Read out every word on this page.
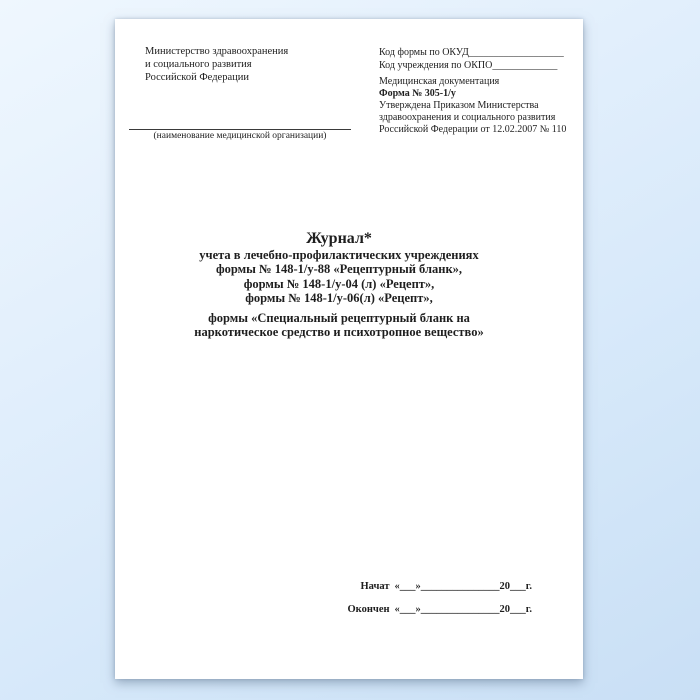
Министерство здравоохранения
и социального развития
Российской Федерации
(наименование медицинской организации)
Код формы по ОКУД___________________
Код учреждения по ОКПО_____________
Медицинская документация
Форма № 305-1/у
Утверждена Приказом Министерства
здравоохранения и социального развития
Российской Федерации от 12.02.2007 № 110
Журнал*
учета в лечебно-профилактических учреждениях
формы № 148-1/у-88 «Рецептурный бланк»,
формы № 148-1/у-04 (л) «Рецепт»,
формы № 148-1/у-06(л) «Рецепт»,
формы «Специальный рецептурный бланк на
наркотическое средство и психотропное вещество»
Начат «___»_______________20___г.
Окончен «___»_______________20___г.
